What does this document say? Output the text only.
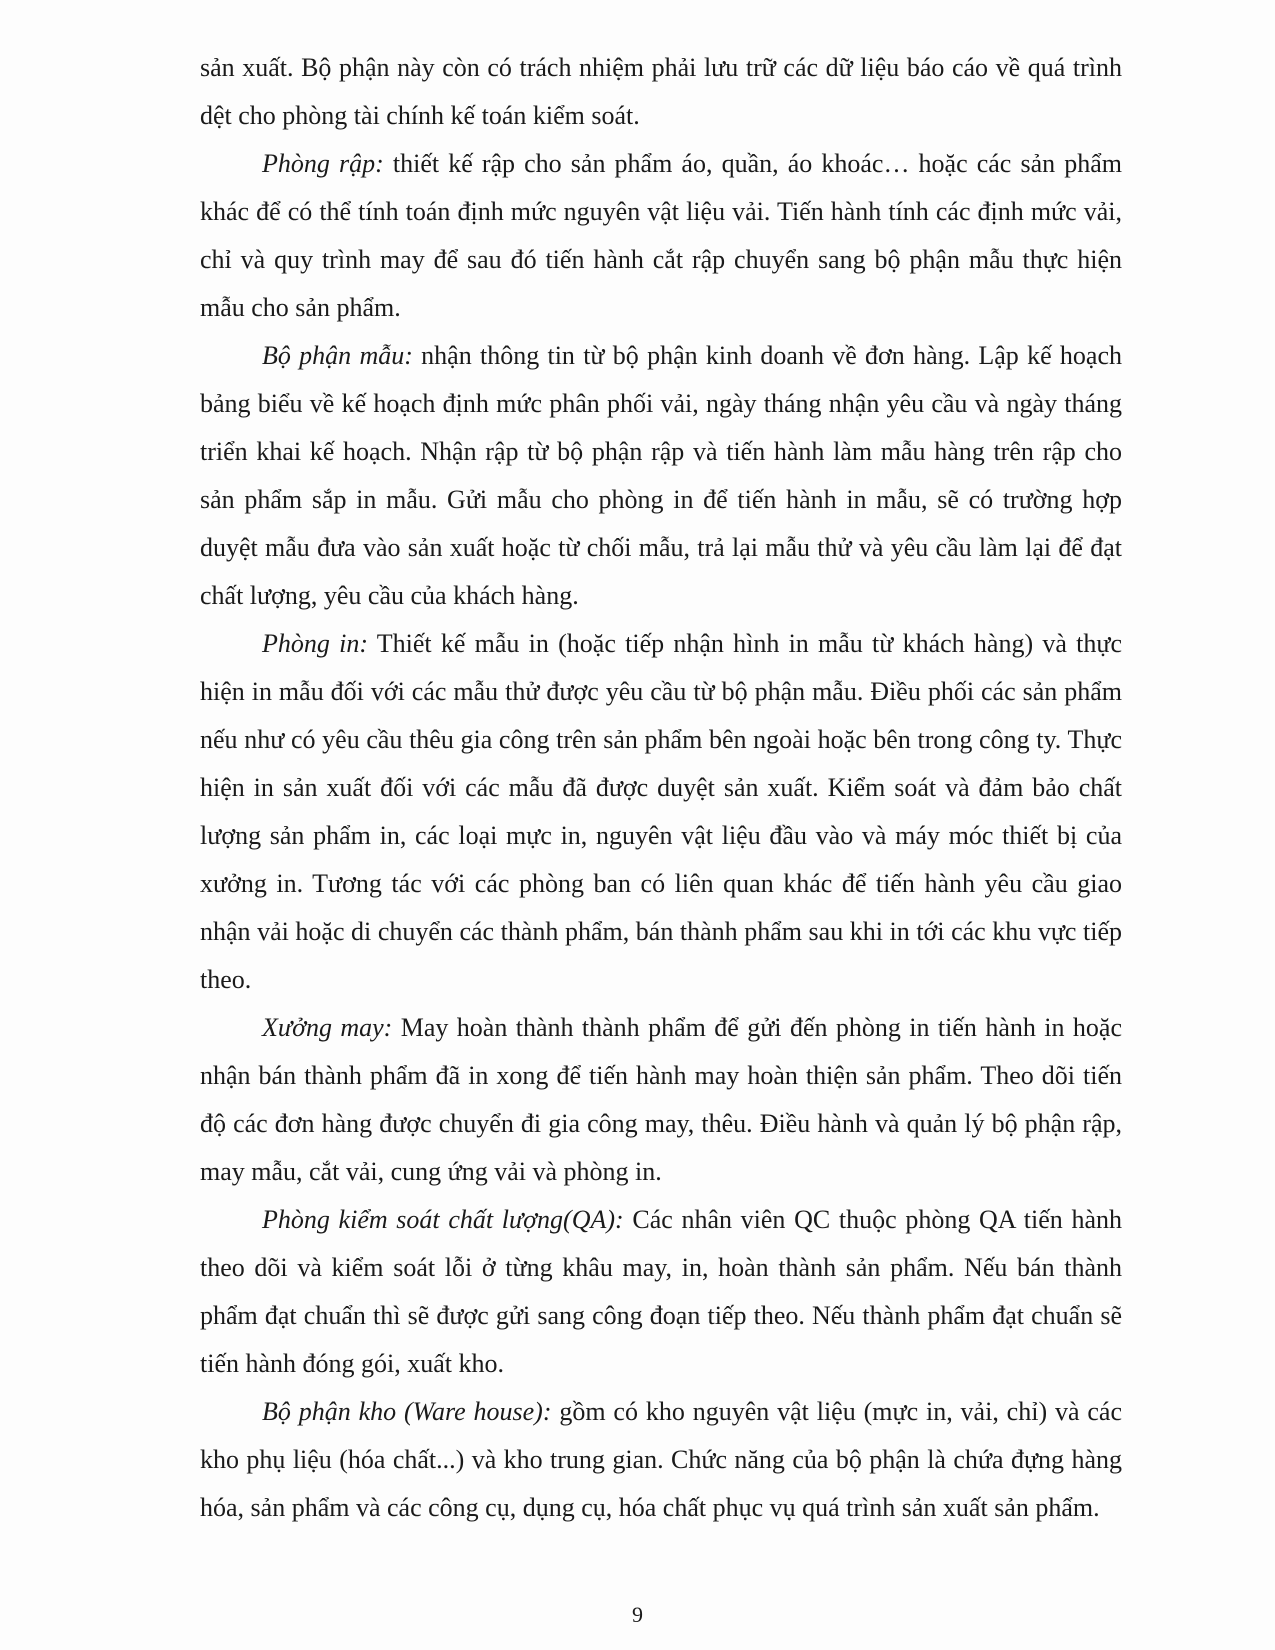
sản xuất. Bộ phận này còn có trách nhiệm phải lưu trữ các dữ liệu báo cáo về quá trình dệt cho phòng tài chính kế toán kiểm soát.

Phòng rập: thiết kế rập cho sản phẩm áo, quần, áo khoác… hoặc các sản phẩm khác để có thể tính toán định mức nguyên vật liệu vải. Tiến hành tính các định mức vải, chỉ và quy trình may để sau đó tiến hành cắt rập chuyển sang bộ phận mẫu thực hiện mẫu cho sản phẩm.

Bộ phận mẫu: nhận thông tin từ bộ phận kinh doanh về đơn hàng. Lập kế hoạch bảng biểu về kế hoạch định mức phân phối vải, ngày tháng nhận yêu cầu và ngày tháng triển khai kế hoạch. Nhận rập từ bộ phận rập và tiến hành làm mẫu hàng trên rập cho sản phẩm sắp in mẫu. Gửi mẫu cho phòng in để tiến hành in mẫu, sẽ có trường hợp duyệt mẫu đưa vào sản xuất hoặc từ chối mẫu, trả lại mẫu thử và yêu cầu làm lại để đạt chất lượng, yêu cầu của khách hàng.

Phòng in: Thiết kế mẫu in (hoặc tiếp nhận hình in mẫu từ khách hàng) và thực hiện in mẫu đối với các mẫu thử được yêu cầu từ bộ phận mẫu. Điều phối các sản phẩm nếu như có yêu cầu thêu gia công trên sản phẩm bên ngoài hoặc bên trong công ty. Thực hiện in sản xuất đối với các mẫu đã được duyệt sản xuất. Kiểm soát và đảm bảo chất lượng sản phẩm in, các loại mực in, nguyên vật liệu đầu vào và máy móc thiết bị của xưởng in. Tương tác với các phòng ban có liên quan khác để tiến hành yêu cầu giao nhận vải hoặc di chuyển các thành phẩm, bán thành phẩm sau khi in tới các khu vực tiếp theo.

Xưởng may: May hoàn thành thành phẩm để gửi đến phòng in tiến hành in hoặc nhận bán thành phẩm đã in xong để tiến hành may hoàn thiện sản phẩm. Theo dõi tiến độ các đơn hàng được chuyển đi gia công may, thêu. Điều hành và quản lý bộ phận rập, may mẫu, cắt vải, cung ứng vải và phòng in.

Phòng kiểm soát chất lượng(QA): Các nhân viên QC thuộc phòng QA tiến hành theo dõi và kiểm soát lỗi ở từng khâu may, in, hoàn thành sản phẩm. Nếu bán thành phẩm đạt chuẩn thì sẽ được gửi sang công đoạn tiếp theo. Nếu thành phẩm đạt chuẩn sẽ tiến hành đóng gói, xuất kho.

Bộ phận kho (Ware house): gồm có kho nguyên vật liệu (mực in, vải, chỉ) và các kho phụ liệu (hóa chất...) và kho trung gian. Chức năng của bộ phận là chứa đựng hàng hóa, sản phẩm và các công cụ, dụng cụ, hóa chất phục vụ quá trình sản xuất sản phẩm.

9
